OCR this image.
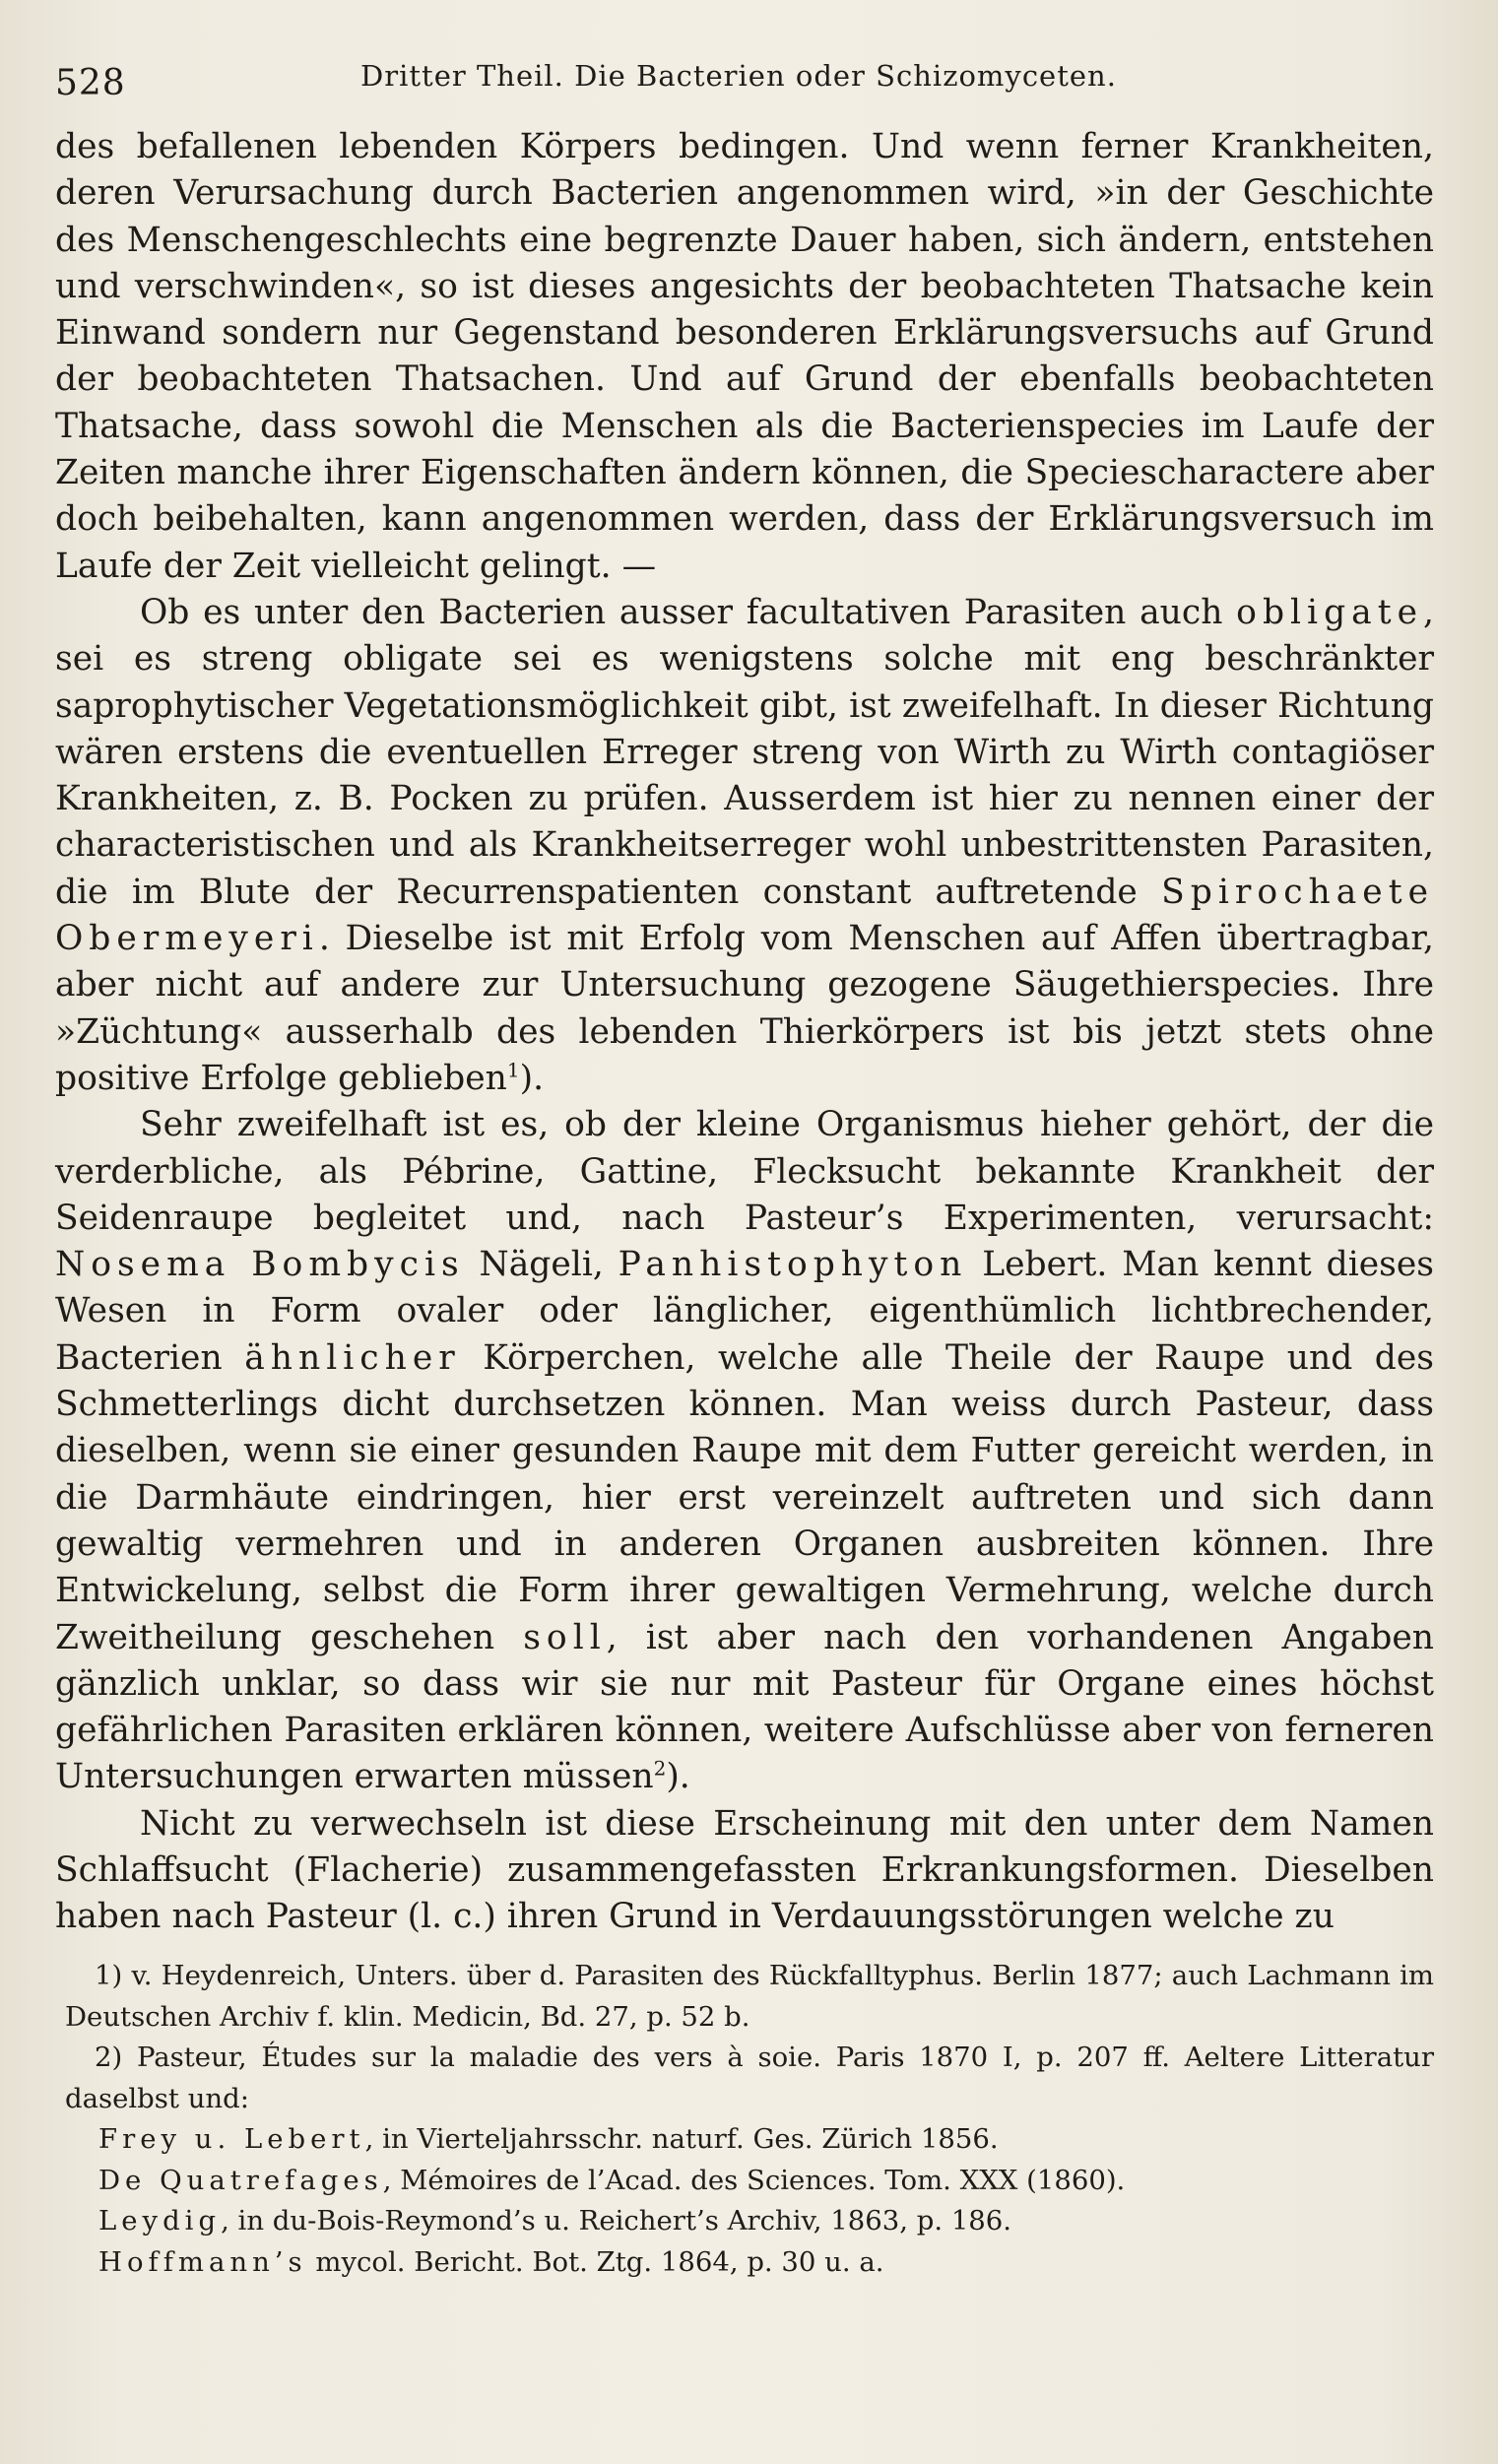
528	Dritter Theil. Die Bacterien oder Schizomyceten.

des befallenen lebenden Körpers bedingen. Und wenn ferner Krankheiten, deren Verursachung durch Bacterien angenommen wird, »in der Geschichte des Menschengeschlechts eine begrenzte Dauer haben, sich ändern, entstehen und verschwinden«, so ist dieses angesichts der beobachteten Thatsache kein Einwand sondern nur Gegenstand besonderen Erklärungsversuchs auf Grund der beobachteten Thatsachen. Und auf Grund der ebenfalls beobachteten Thatsache, dass sowohl die Menschen als die Bacterienspecies im Laufe der Zeiten manche ihrer Eigenschaften ändern können, die Speciescharactere aber doch beibehalten, kann angenommen werden, dass der Erklärungsversuch im Laufe der Zeit vielleicht gelingt. —

Ob es unter den Bacterien ausser facultativen Parasiten auch obligate, sei es streng obligate sei es wenigstens solche mit eng beschränkter saprophytischer Vegetationsmöglichkeit gibt, ist zweifelhaft. In dieser Richtung wären erstens die eventuellen Erreger streng von Wirth zu Wirth contagiöser Krankheiten, z. B. Pocken zu prüfen. Ausserdem ist hier zu nennen einer der characteristischen und als Krankheitserreger wohl unbestrittensten Parasiten, die im Blute der Recurrenspatienten constant auftretende Spirochaete Obermeyeri. Dieselbe ist mit Erfolg vom Menschen auf Affen übertragbar, aber nicht auf andere zur Untersuchung gezogene Säugethierspecies. Ihre »Züchtung« ausserhalb des lebenden Thierkörpers ist bis jetzt stets ohne positive Erfolge geblieben$^1$).

Sehr zweifelhaft ist es, ob der kleine Organismus hieher gehört, der die verderbliche, als Pébrine, Gattine, Flecksucht bekannte Krankheit der Seidenraupe begleitet und, nach Pasteur’s Experimenten, verursacht: Nosema Bombycis Nägeli, Panhistophyton Lebert. Man kennt dieses Wesen in Form ovaler oder länglicher, eigenthümlich lichtbrechender, Bacterien ähnlicher Körperchen, welche alle Theile der Raupe und des Schmetterlings dicht durchsetzen können. Man weiss durch Pasteur, dass dieselben, wenn sie einer gesunden Raupe mit dem Futter gereicht werden, in die Darmhäute eindringen, hier erst vereinzelt auftreten und sich dann gewaltig vermehren und in anderen Organen ausbreiten können. Ihre Entwickelung, selbst die Form ihrer gewaltigen Vermehrung, welche durch Zweitheilung geschehen soll, ist aber nach den vorhandenen Angaben gänzlich unklar, so dass wir sie nur mit Pasteur für Organe eines höchst gefährlichen Parasiten erklären können, weitere Aufschlüsse aber von ferneren Untersuchungen erwarten müssen$^2$).

Nicht zu verwechseln ist diese Erscheinung mit den unter dem Namen Schlaffsucht (Flacherie) zusammengefassten Erkrankungsformen. Dieselben haben nach Pasteur (l. c.) ihren Grund in Verdauungsstörungen welche zu

1) v. Heydenreich, Unters. über d. Parasiten des Rückfalltyphus. Berlin 1877; auch Lachmann im Deutschen Archiv f. klin. Medicin, Bd. 27, p. 52 b.

2) Pasteur, Études sur la maladie des vers à soie. Paris 1870 I, p. 207 ff. Aeltere Litteratur daselbst und:

Frey u. Lebert, in Vierteljahrsschr. naturf. Ges. Zürich 1856.

De Quatrefages, Mémoires de l’Acad. des Sciences. Tom. XXX (1860).

Leydig, in du-Bois-Reymond’s u. Reichert’s Archiv, 1863, p. 186.

Hoffmann’s mycol. Bericht. Bot. Ztg. 1864, p. 30 u. a.
